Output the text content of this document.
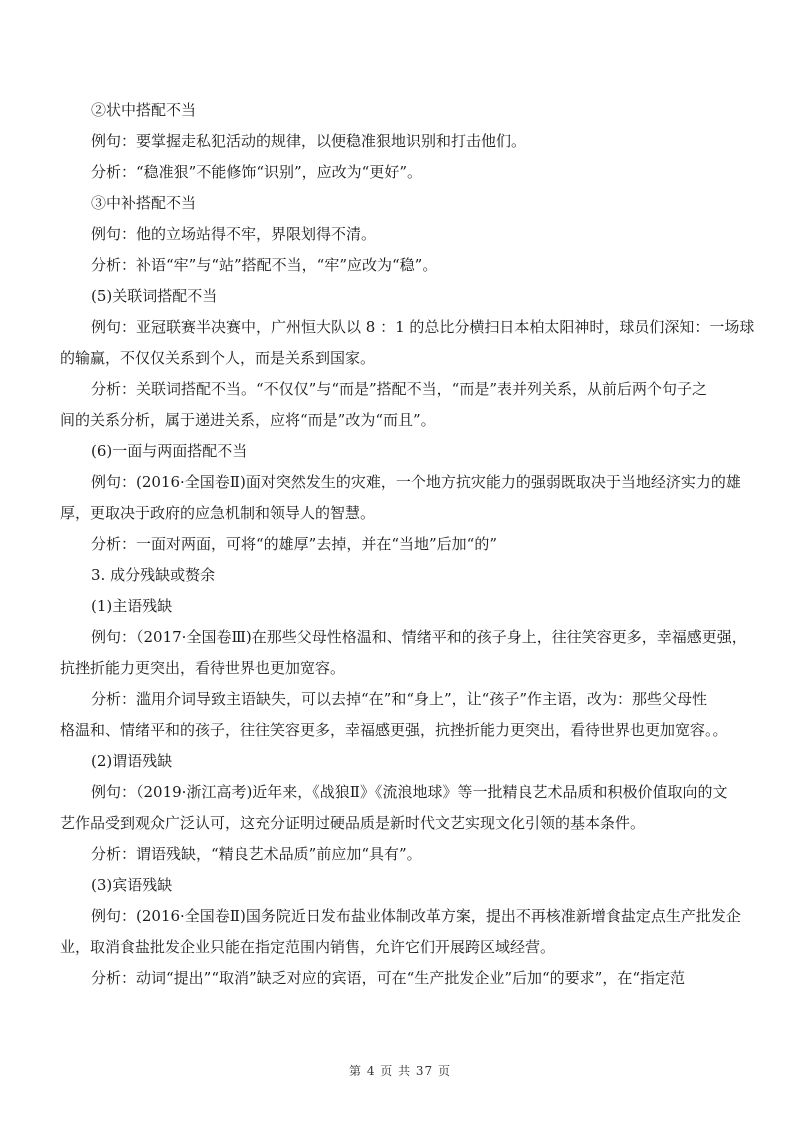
②状中搭配不当
例句：要掌握走私犯活动的规律，以便稳准狠地识别和打击他们。
分析：“稳准狠”不能修饰“识别”，应改为“更好”。
③中补搭配不当
例句：他的立场站得不牢，界限划得不清。
分析：补语“牢”与“站”搭配不当，“牢”应改为“稳”。
(5)关联词搭配不当
例句：亚冠联赛半决赛中，广州恒大队以 8 ：1 的总比分横扫日本柏太阳神时，球员们深知：一场球
的输赢，不仅仅关系到个人，而是关系到国家。
分析：关联词搭配不当。“不仅仅”与“而是”搭配不当，“而是”表并列关系，从前后两个句子之
间的关系分析，属于递进关系，应将“而是”改为“而且”。
(6)一面与两面搭配不当
例句：(2016·全国卷Ⅱ)面对突然发生的灾难，一个地方抗灾能力的强弱既取决于当地经济实力的雄
厚，更取决于政府的应急机制和领导人的智慧。
分析：一面对两面，可将“的雄厚”去掉，并在“当地”后加“的”
3. 成分残缺或赘余
(1)主语残缺
例句：（2017·全国卷Ⅲ)在那些父母性格温和、情绪平和的孩子身上，往往笑容更多，幸福感更强，
抗挫折能力更突出，看待世界也更加宽容。
分析：滥用介词导致主语缺失，可以去掉“在”和“身上”，让“孩子”作主语，改为：那些父母性
格温和、情绪平和的孩子，往往笑容更多，幸福感更强，抗挫折能力更突出，看待世界也更加宽容。。
(2)谓语残缺
例句：（2019·浙江高考)近年来，《战狼Ⅱ》《流浪地球》等一批精良艺术品质和积极价值取向的文
艺作品受到观众广泛认可，这充分证明过硬品质是新时代文艺实现文化引领的基本条件。
分析：谓语残缺，“精良艺术品质”前应加“具有”。
(3)宾语残缺
例句：(2016·全国卷Ⅱ)国务院近日发布盐业体制改革方案，提出不再核准新增食盐定点生产批发企
业，取消食盐批发企业只能在指定范围内销售，允许它们开展跨区域经营。
分析：动词“提出”“取消”缺乏对应的宾语，可在“生产批发企业”后加“的要求”，在“指定范
第 4 页 共 37 页
